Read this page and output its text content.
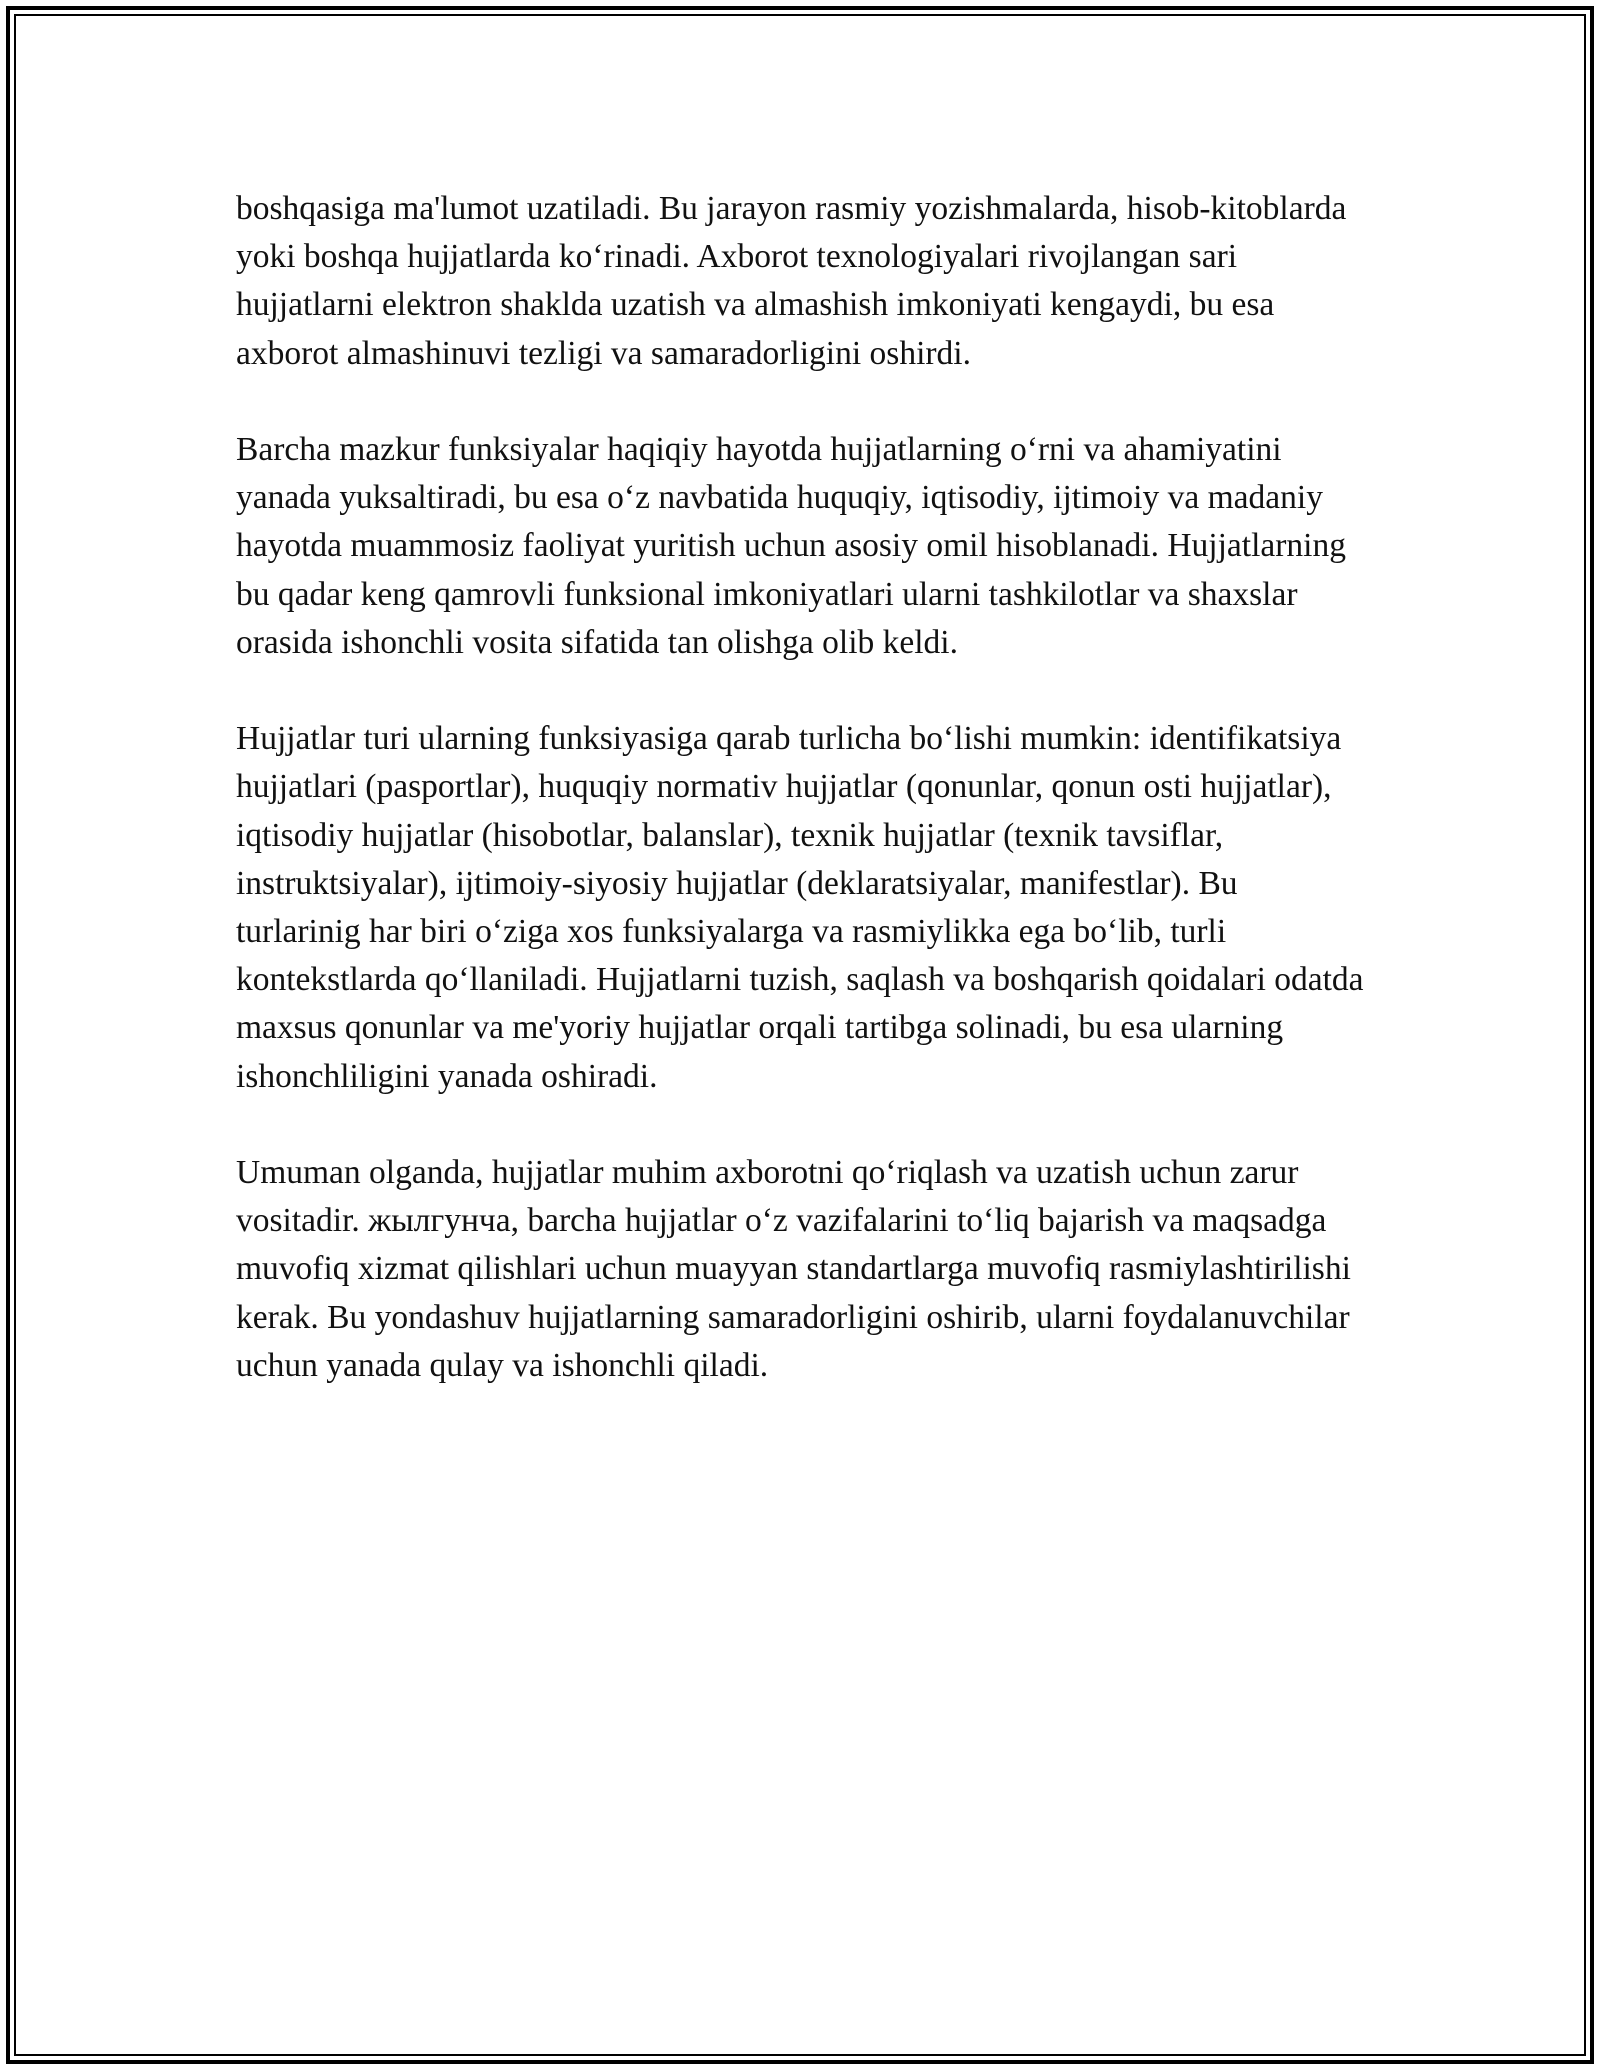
boshqasiga ma'lumot uzatiladi. Bu jarayon rasmiy yozishmalarda, hisob-kitoblarda yoki boshqa hujjatlarda ko‘rinadi. Axborot texnologiyalari rivojlangan sari hujjatlarni elektron shaklda uzatish va almashish imkoniyati kengaydi, bu esa axborot almashinuvi tezligi va samaradorligini oshirdi.

Barcha mazkur funksiyalar haqiqiy hayotda hujjatlarning o‘rni va ahamiyatini yanada yuksaltiradi, bu esa o‘z navbatida huquqiy, iqtisodiy, ijtimoiy va madaniy hayotda muammosiz faoliyat yuritish uchun asosiy omil hisoblanadi. Hujjatlarning bu qadar keng qamrovli funksional imkoniyatlari ularni tashkilotlar va shaxslar orasida ishonchli vosita sifatida tan olishga olib keldi.

Hujjatlar turi ularning funksiyasiga qarab turlicha bo‘lishi mumkin: identifikatsiya hujjatlari (pasportlar), huquqiy normativ hujjatlar (qonunlar, qonun osti hujjatlar), iqtisodiy hujjatlar (hisobotlar, balanslar), texnik hujjatlar (texnik tavsiflar, instruktsiyalar), ijtimoiy-siyosiy hujjatlar (deklaratsiyalar, manifestlar). Bu turlarinig har biri o‘ziga xos funksiyalarga va rasmiylikka ega bo‘lib, turli kontekstlarda qo‘llaniladi. Hujjatlarni tuzish, saqlash va boshqarish qoidalari odatda maxsus qonunlar va me'yoriy hujjatlar orqali tartibga solinadi, bu esa ularning ishonchliligini yanada oshiradi.

Umuman olganda, hujjatlar muhim axborotni qo‘riqlash va uzatish uchun zarur vositadir. жылгунча, barcha hujjatlar o‘z vazifalarini to‘liq bajarish va maqsadga muvofiq xizmat qilishlari uchun muayyan standartlarga muvofiq rasmiylashtirilishi kerak. Bu yondashuv hujjatlarning samaradorligini oshirib, ularni foydalanuvchilar uchun yanada qulay va ishonchli qiladi.
